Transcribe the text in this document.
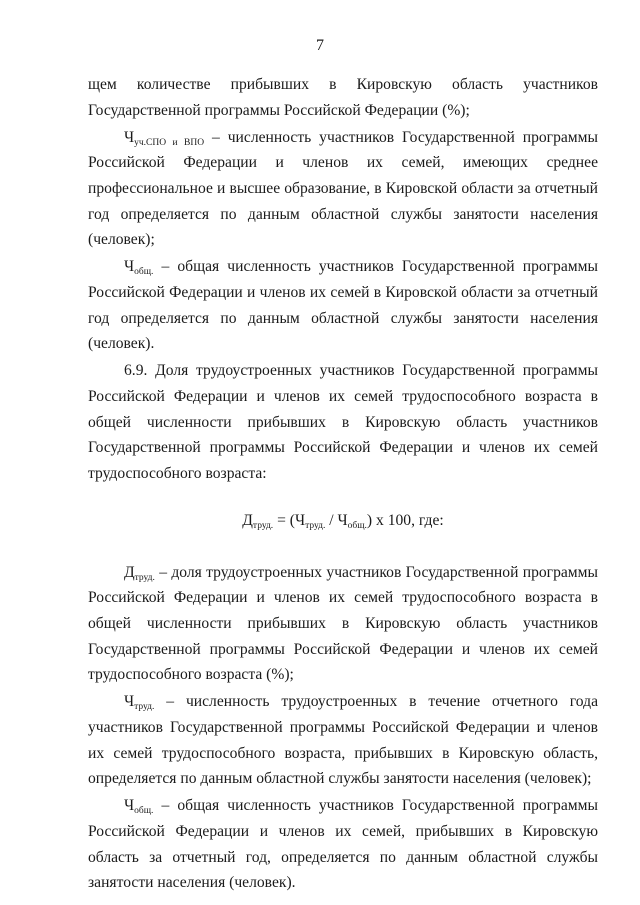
7

щем количестве прибывших в Кировскую область участников Государственной программы Российской Федерации (%);

$Ч_{уч.СПО и ВПО}$ – численность участников Государственной программы Российской Федерации и членов их семей, имеющих среднее профессиональное и высшее образование, в Кировской области за отчетный год определяется по данным областной службы занятости населения (человек);

$Ч_{общ.}$ – общая численность участников Государственной программы Российской Федерации и членов их семей в Кировской области за отчетный год определяется по данным областной службы занятости населения (человек).

6.9. Доля трудоустроенных участников Государственной программы Российской Федерации и членов их семей трудоспособного возраста в общей численности прибывших в Кировскую область участников Государственной программы Российской Федерации и членов их семей трудоспособного возраста:

$Д_{труд.} = (Ч_{труд.} / Ч_{общ.})$ x 100, где:

$Д_{труд.}$ – доля трудоустроенных участников Государственной программы Российской Федерации и членов их семей трудоспособного возраста в общей численности прибывших в Кировскую область участников Государственной программы Российской Федерации и членов их семей трудоспособного возраста (%);

$Ч_{труд.}$ – численность трудоустроенных в течение отчетного года участников Государственной программы Российской Федерации и членов их семей трудоспособного возраста, прибывших в Кировскую область, определяется по данным областной службы занятости населения (человек);

$Ч_{общ.}$ – общая численность участников Государственной программы Российской Федерации и членов их семей, прибывших в Кировскую область за отчетный год, определяется по данным областной службы занятости населения (человек).
